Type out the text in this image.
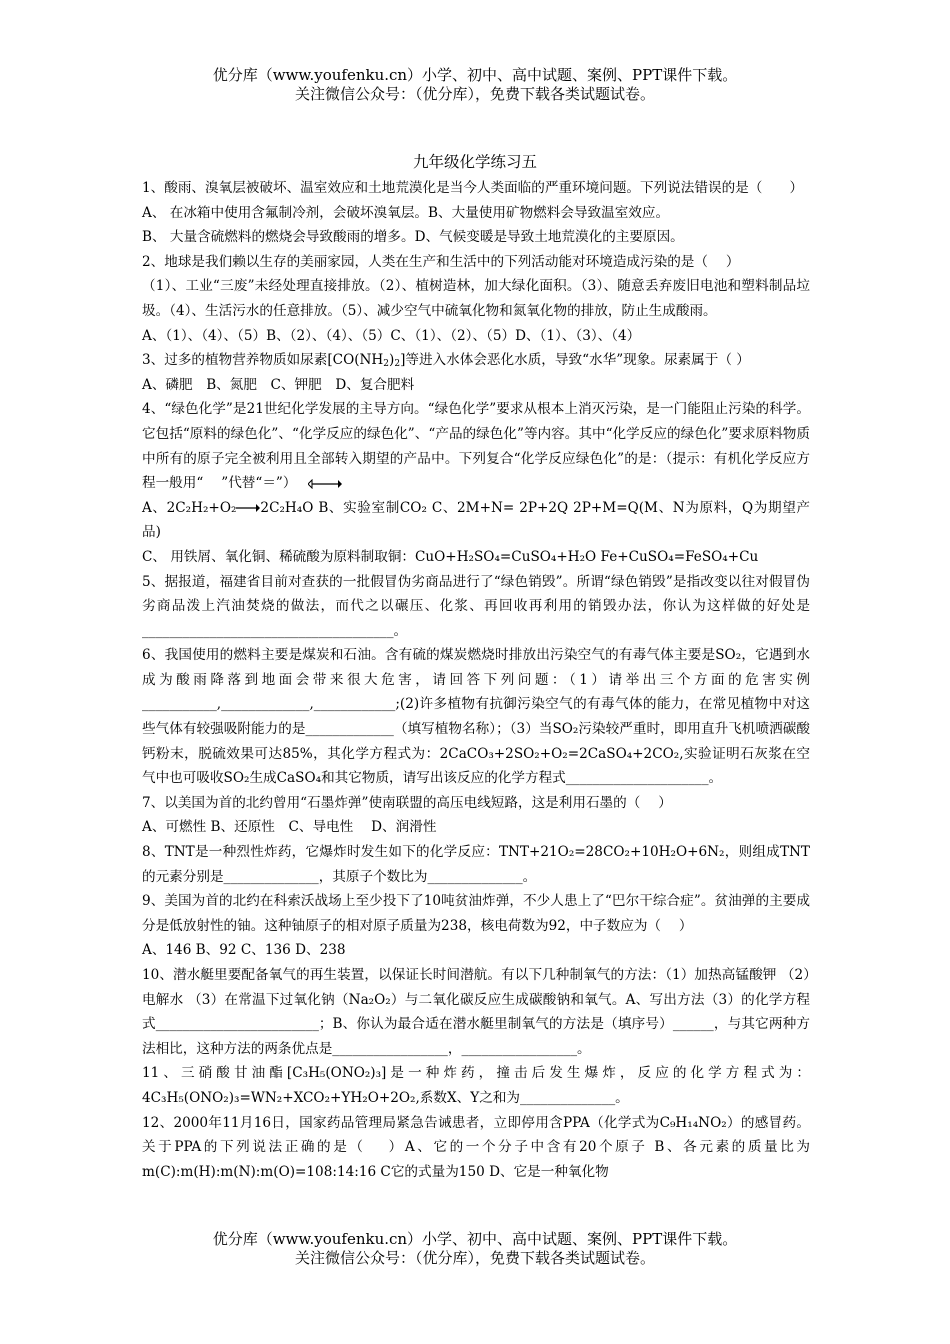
优分库（www.youfenku.cn）小学、初中、高中试题、案例、PPT课件下载。
关注微信公众号：（优分库），免费下载各类试题试卷。
九年级化学练习五

1、酸雨、溴氧层被破坏、温室效应和土地荒漠化是当今人类面临的严重环境问题。下列说法错误的是（　　）

A、 在冰箱中使用含氟制冷剂，会破坏溴氧层。B、大量使用矿物燃料会导致温室效应。

B、 大量含硫燃料的燃烧会导致酸雨的增多。D、气候变暖是导致土地荒漠化的主要原因。

2、地球是我们赖以生存的美丽家园，人类在生产和生活中的下列活动能对环境造成污染的是（　 ）

（1）、工业“三废”未经处理直接排放。（2）、植树造林，加大绿化面积。（3）、随意丢弃废旧电池和塑料制品垃圾。（4）、生活污水的任意排放。（5）、减少空气中硫氧化物和氮氧化物的排放，防止生成酸雨。

A、（1）、（4）、（5）B、（2）、（4）、（5）C、（1）、（2）、（5）D、（1）、（3）、（4）

3、过多的植物营养物质如尿素$[CO(NH_2)_2]$等进入水体会恶化水质，导致“水华”现象。尿素属于（ ）

A、磷肥　B、氮肥　C、钾肥　D、复合肥料

4、“绿色化学”是21世纪化学发展的主导方向。“绿色化学”要求从根本上消灭污染，是一门能阻止污染的科学。它包括“原料的绿色化”、“化学反应的绿色化”、“产品的绿色化”等内容。其中“化学反应的绿色化”要求原料物质中所有的原子完全被利用且全部转入期望的产品中。下列复合“化学反应绿色化”的是：（提示：有机化学反应方程一般用“　 ”代替“＝”）

A、2C₂H₂+O₂→2C₂H₄O B、实验室制CO₂ C、2M+N= 2P+2Q 2P+M=Q(M、N为原料，Q为期望产品)

C、 用铁屑、氧化铜、稀硫酸为原料制取铜：CuO+H₂SO₄=CuSO₄+H₂O Fe+CuSO₄=FeSO₄+Cu

5、据报道，福建省目前对查获的一批假冒伪劣商品进行了“绿色销毁”。所谓“绿色销毁”是指改变以往对假冒伪劣商品泼上汽油焚烧的做法，而代之以碾压、化浆、再回收再利用的销毁办法，你认为这样做的好处是_____________________________________。

6、我国使用的燃料主要是煤炭和石油。含有硫的煤炭燃烧时排放出污染空气的有毒气体主要是SO₂，它遇到水成为酸雨降落到地面会带来很大危害，请回答下列问题：（1）请举出三个方面的危害实例___________,_____________,____________;(2)许多植物有抗御污染空气的有毒气体的能力，在常见植物中对这些气体有较强吸附能力的是_____________（填写植物名称）；（3）当SO₂污染较严重时，即用直升飞机喷洒碳酸钙粉末，脱硫效果可达85%，其化学方程式为：2CaCO₃+2SO₂+O₂=2CaSO₄+2CO₂,实验证明石灰浆在空气中也可吸收SO₂生成CaSO₄和其它物质，请写出该反应的化学方程式_____________________。

7、以美国为首的北约曾用“石墨炸弹”使南联盟的高压电线短路，这是利用石墨的（　 ）

A、可燃性 B、还原性　C、导电性　 D、润滑性

8、TNT是一种烈性炸药，它爆炸时发生如下的化学反应：TNT+21O₂=28CO₂+10H₂O+6N₂，则组成TNT的元素分别是______________，其原子个数比为______________。

9、美国为首的北约在科索沃战场上至少投下了10吨贫油炸弹，不少人患上了“巴尔干综合症”。贫油弹的主要成分是低放射性的铀。这种铀原子的相对原子质量为238，核电荷数为92，中子数应为（　 ）

A、146 B、92 C、136 D、238

10、潜水艇里要配备氧气的再生装置，以保证长时间潜航。有以下几种制氧气的方法：（1）加热高锰酸钾 （2）电解水 （3）在常温下过氧化钠（Na₂O₂）与二氧化碳反应生成碳酸钠和氧气。A、写出方法（3）的化学方程式________________________；B、你认为最合适在潜水艇里制氧气的方法是（填序号）______，与其它两种方法相比，这种方法的两条优点是_________________，_________________。

11、三硝酸甘油酯[C₃H₅(ONO₂)₃]是一种炸药，撞击后发生爆炸，反应的化学方程式为：4C₃H₅(ONO₂)₃=WN₂+XCO₂+YH₂O+2O₂,系数X、Y之和为______________。

12、2000年11月16日，国家药品管理局紧急告诫患者，立即停用含PPA（化学式为C₉H₁₄NO₂）的感冒药。关于PPA的下列说法正确的是（　 ）A、它的一个分子中含有20个原子 B、各元素的质量比为m(C):m(H):m(N):m(O)=108:14:16 C它的式量为150 D、它是一种氧化物

优分库（www.youfenku.cn）小学、初中、高中试题、案例、PPT课件下载。
关注微信公众号：（优分库），免费下载各类试题试卷。
